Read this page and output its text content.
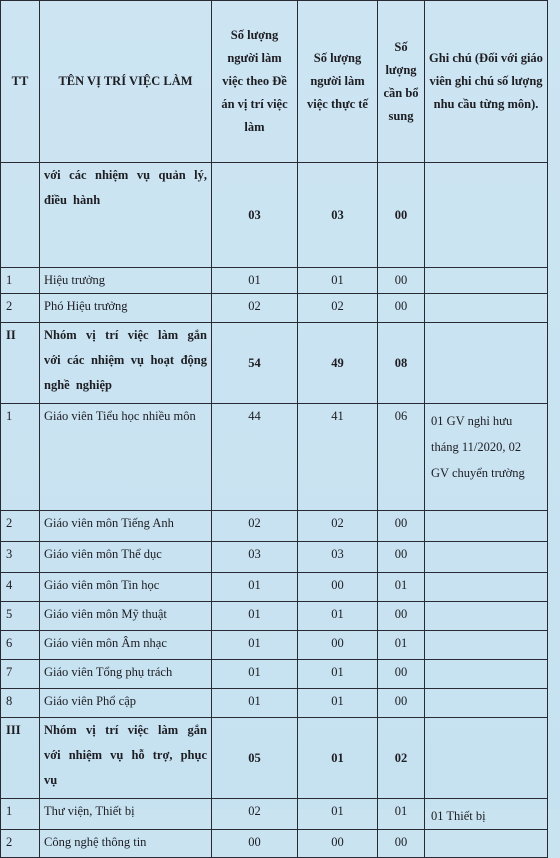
TT	TÊN VỊ TRÍ VIỆC LÀM	Số lượng người làm việc theo Đề án vị trí việc làm	Số lượng người làm việc thực tế	Số lượng cần bổ sung	Ghi chú (Đối với giáo viên ghi chú số lượng nhu cầu từng môn).
	với các nhiệm vụ quản lý, điều hành	03	03	00	
1	Hiệu trưởng	01	01	00	
2	Phó Hiệu trưởng	02	02	00	
II	Nhóm vị trí việc làm gắn với các nhiệm vụ hoạt động nghề nghiệp	54	49	08	
1	Giáo viên Tiểu học nhiều môn	44	41	06	01 GV nghỉ hưu tháng 11/2020, 02 GV chuyển trường
2	Giáo viên môn Tiếng Anh	02	02	00	
3	Giáo viên môn Thể dục	03	03	00	
4	Giáo viên môn Tin học	01	00	01	
5	Giáo viên môn Mỹ thuật	01	01	00	
6	Giáo viên môn Âm nhạc	01	00	01	
7	Giáo viên Tổng phụ trách	01	01	00	
8	Giáo viên Phổ cập	01	01	00	
III	Nhóm vị trí việc làm gắn với nhiệm vụ hỗ trợ, phục vụ	05	01	02	
1	Thư viện, Thiết bị	02	01	01	01 Thiết bị
2	Công nghệ thông tin	00	00	00	
